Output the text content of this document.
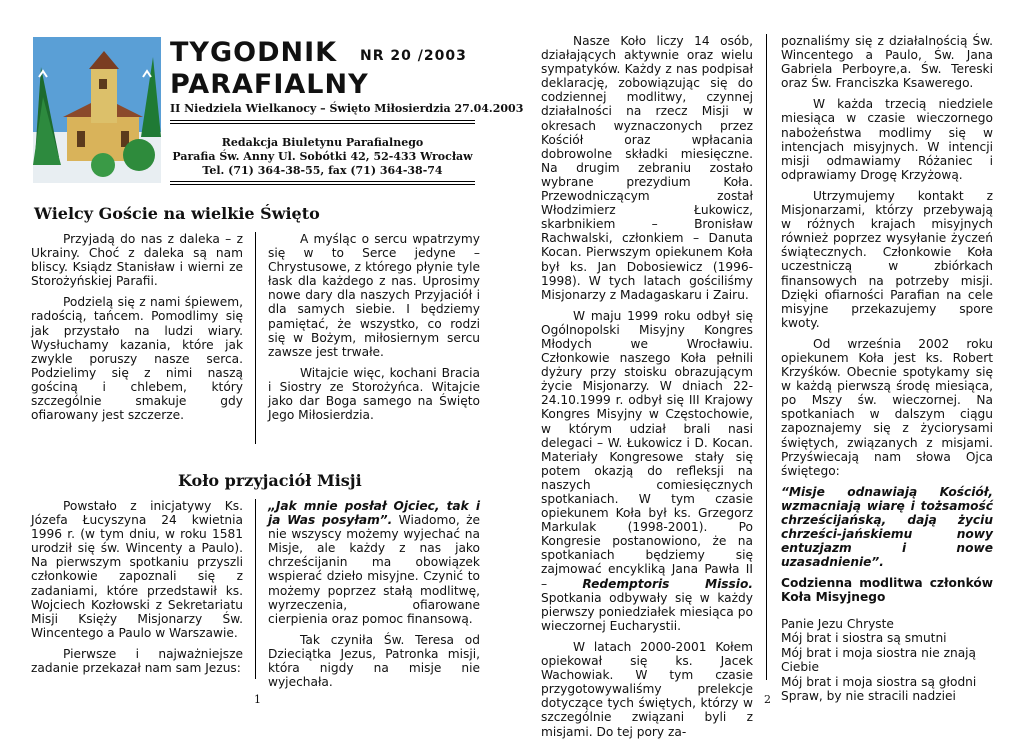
TYGODNIK NR 20 /2003
PARAFIALNY
II Niedziela Wielkanocy – Święto Miłosierdzia 27.04.2003
Redakcja Biuletynu Parafialnego
Parafia Św. Anny Ul. Sobótki 42, 52-433 Wrocław
Tel. (71) 364-38-55, fax (71) 364-38-74
Wielcy Goście na wielkie Święto

Przyjadą do nas z daleka – z Ukrainy. Choć z daleka są nam bliscy. Ksiądz Stanisław i wierni ze Storożyńskiej Parafii.

Podzielą się z nami śpiewem, radością, tańcem. Pomodlimy się jak przystało na ludzi wiary. Wysłuchamy kazania, które jak zwykle poruszy nasze serca. Podzielimy się z nimi naszą gościną i chlebem, który szczególnie smakuje gdy ofiarowany jest szczerze.

A myśląc o sercu wpatrzymy się w to Serce jedyne – Chrystusowe, z którego płynie tyle łask dla każdego z nas. Uprosimy nowe dary dla naszych Przyjaciół i dla samych siebie. I będziemy pamiętać, że wszystko, co rodzi się w Bożym, miłosiernym sercu zawsze jest trwałe.

Witajcie więc, kochani Bracia i Siostry ze Storożyńca. Witajcie jako dar Boga samego na Święto Jego Miłosierdzia.

Koło przyjaciół Misji

Powstało z inicjatywy Ks. Józefa Łucyszyna 24 kwietnia 1996 r. (w tym dniu, w roku 1581 urodził się św. Wincenty a Paulo). Na pierwszym spotkaniu przyszli członkowie zapoznali się z zadaniami, które przedstawił ks. Wojciech Kozłowski z Sekretariatu Misji Księży Misjonarzy Św. Wincentego a Paulo w Warszawie.

Pierwsze i najważniejsze zadanie przekazał nam sam Jezus:

„Jak mnie posłał Ojciec, tak i ja Was posyłam”. Wiadomo, że nie wszyscy możemy wyjechać na Misje, ale każdy z nas jako chrześcijanin ma obowiązek wspierać dzieło misyjne. Czynić to możemy poprzez stałą modlitwę, wyrzeczenia, ofiarowane cierpienia oraz pomoc finansową.

Tak czyniła Św. Teresa od Dzieciątka Jezus, Patronka misji, która nigdy na misje nie wyjechała.

1

Nasze Koło liczy 14 osób, działających aktywnie oraz wielu sympatyków. Każdy z nas podpisał deklarację, zobowiązując się do codziennej modlitwy, czynnej działalności na rzecz Misji w okresach wyznaczonych przez Kościół oraz wpłacania dobrowolne składki miesięczne. Na drugim zebraniu zostało wybrane prezydium Koła. Przewodniczącym został Włodzimierz Łukowicz, skarbnikiem – Bronisław Rachwalski, członkiem – Danuta Kocan. Pierwszym opiekunem Koła był ks. Jan Dobosiewicz (1996-1998). W tych latach gościliśmy Misjonarzy z Madagaskaru i Zairu.

W maju 1999 roku odbył się Ogólnopolski Misyjny Kongres Młodych we Wrocławiu. Członkowie naszego Koła pełnili dyżury przy stoisku obrazującym życie Misjonarzy. W dniach 22-24.10.1999 r. odbył się III Krajowy Kongres Misyjny w Częstochowie, w którym udział brali nasi delegaci – W. Łukowicz i D. Kocan. Materiały Kongresowe stały się potem okazją do refleksji na naszych comiesięcznych spotkaniach. W tym czasie opiekunem Koła był ks. Grzegorz Markulak (1998-2001). Po Kongresie postanowiono, że na spotkaniach będziemy się zajmować encykliką Jana Pawła II – Redemptoris Missio. Spotkania odbywały się w każdy pierwszy poniedziałek miesiąca po wieczornej Eucharystii.

W latach 2000-2001 Kołem opiekował się ks. Jacek Wachowiak. W tym czasie przygotowywaliśmy prelekcje dotyczące tych świętych, którzy w szczególnie związani byli z misjami. Do tej pory za-

poznaliśmy się z działalnością Św. Wincentego a Paulo, Św. Jana Gabriela Perboyre,a. Św. Tereski oraz Św. Franciszka Ksawerego.

W każda trzecią niedziele miesiąca w czasie wieczornego nabożeństwa modlimy się w intencjach misyjnych. W intencji misji odmawiamy Różaniec i odprawiamy Drogę Krzyżową.

Utrzymujemy kontakt z Misjonarzami, którzy przebywają w różnych krajach misyjnych również poprzez wysyłanie życzeń świątecznych. Członkowie Koła uczestniczą w zbiórkach finansowych na potrzeby misji. Dzięki ofiarności Parafian na cele misyjne przekazujemy spore kwoty.

Od września 2002 roku opiekunem Koła jest ks. Robert Krzyśków. Obecnie spotykamy się w każdą pierwszą środę miesiąca, po Mszy św. wieczornej. Na spotkaniach w dalszym ciągu zapoznajemy się z życiorysami świętych, związanych z misjami. Przyświecają nam słowa Ojca świętego:

“Misje odnawiają Kościół, wzmacniają wiarę i tożsamość chrześcijańską, dają życiu chrześci-jańskiemu nowy entuzjazm i nowe uzasadnienie”.

Codzienna modlitwa członków Koła Misyjnego

Panie Jezu Chryste
Mój brat i siostra są smutni
Mój brat i moja siostra nie znają Ciebie
Mój brat i moja siostra są głodni
Spraw, by nie stracili nadziei
2
